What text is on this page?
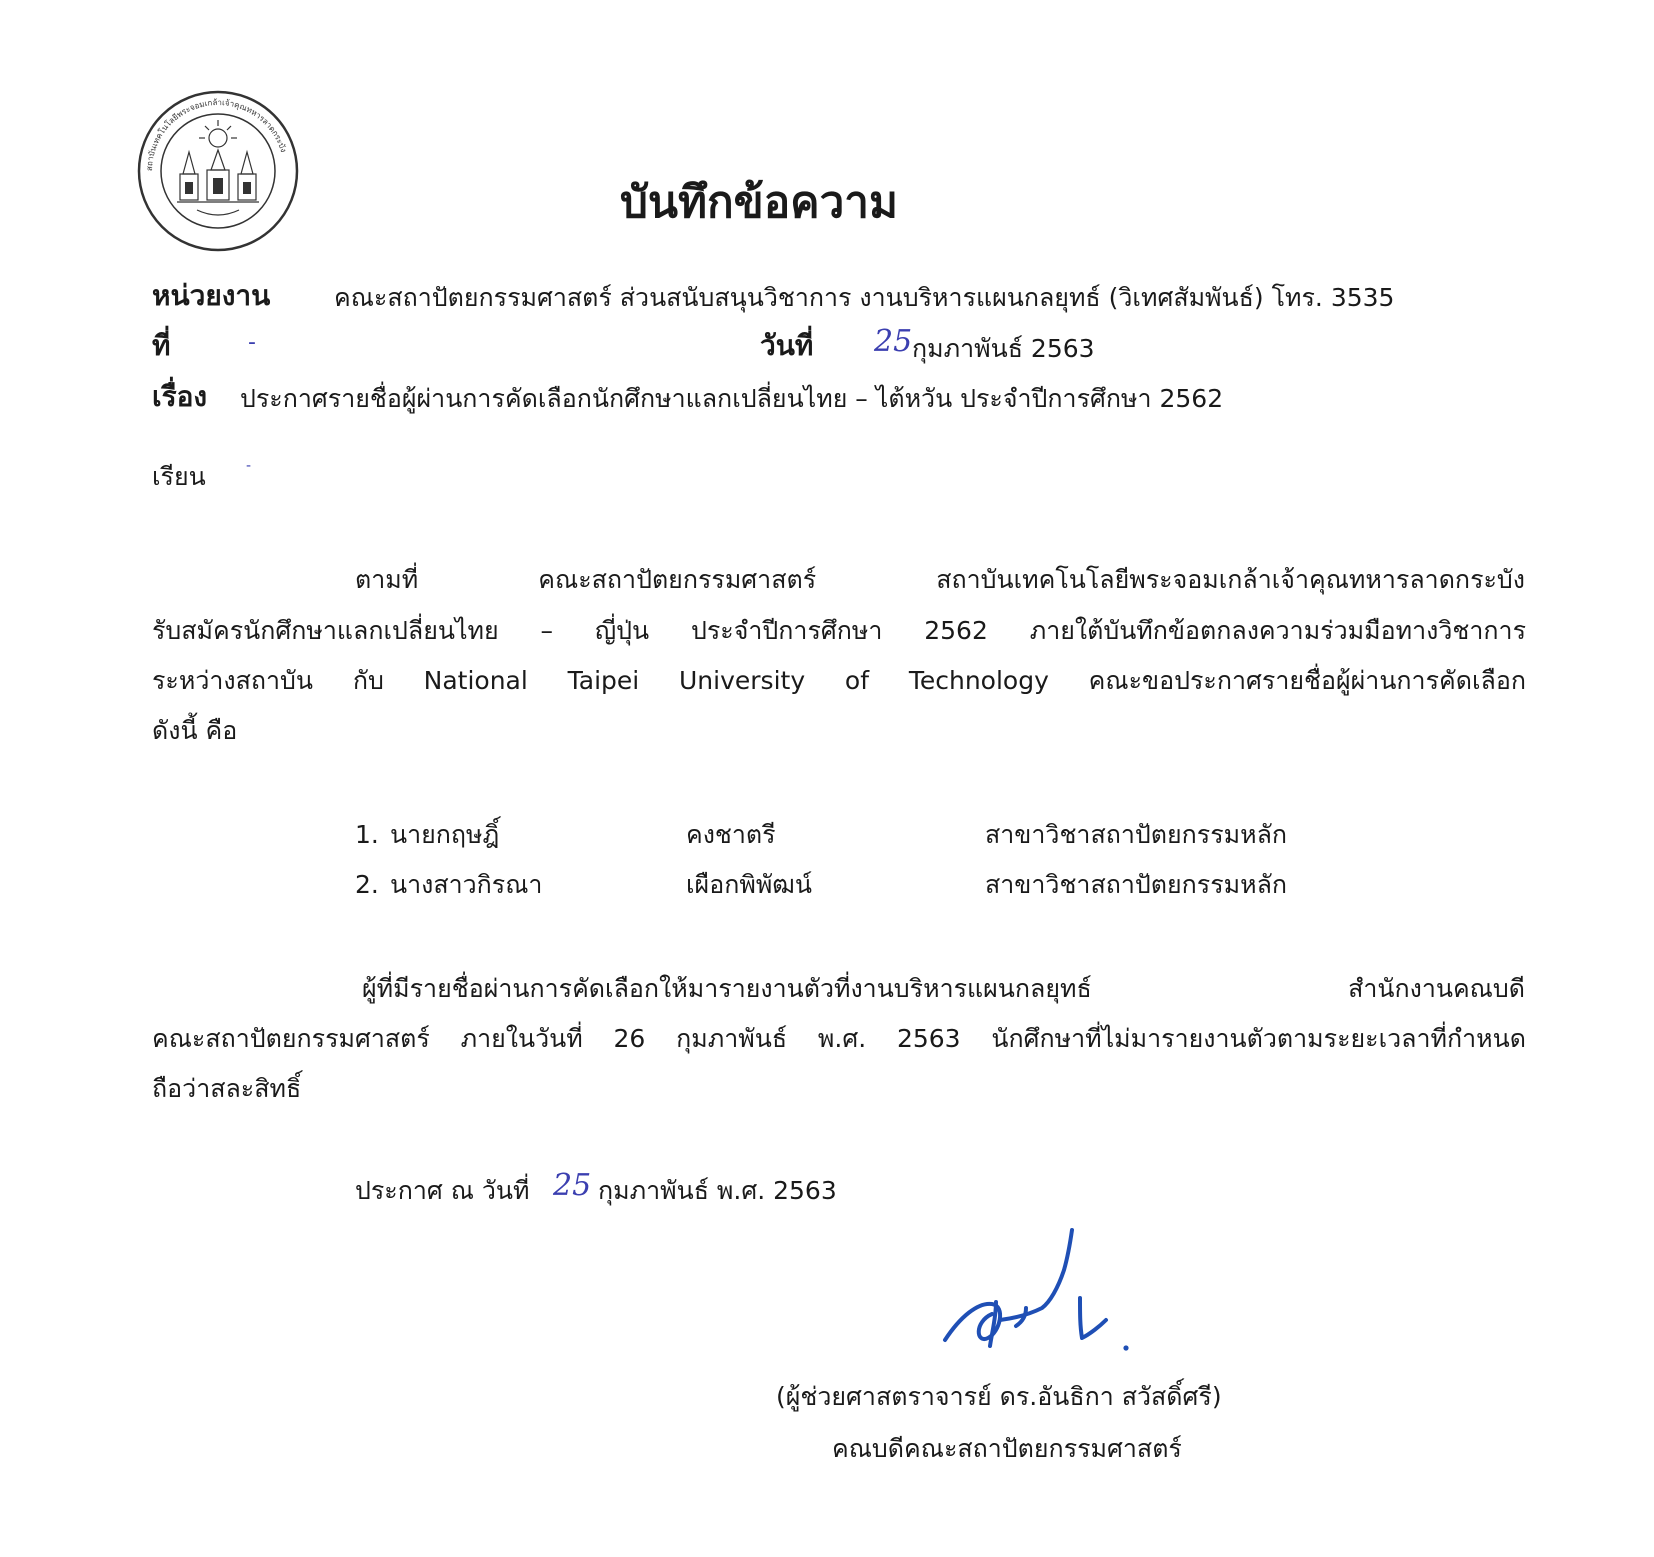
สถาบันเทคโนโลยีพระจอมเกล้าเจ้าคุณทหารลาดกระบัง
บันทึกข้อความ
หน่วยงาน	คณะสถาปัตยกรรมศาสตร์ ส่วนสนับสนุนวิชาการ งานบริหารแผนกลยุทธ์ (วิเทศสัมพันธ์) โทร. 3535
ที่	-	วันที่ 25 กุมภาพันธ์ 2563
เรื่อง ประกาศรายชื่อผู้ผ่านการคัดเลือกนักศึกษาแลกเปลี่ยนไทย – ไต้หวัน ประจำปีการศึกษา 2562
เรียน	-
ตามที่ คณะสถาปัตยกรรมศาสตร์ สถาบันเทคโนโลยีพระจอมเกล้าเจ้าคุณทหารลาดกระบัง
รับสมัครนักศึกษาแลกเปลี่ยนไทย – ญี่ปุ่น ประจำปีการศึกษา 2562 ภายใต้บันทึกข้อตกลงความร่วมมือทางวิชาการ
ระหว่างสถาบัน กับ National Taipei University of Technology คณะขอประกาศรายชื่อผู้ผ่านการคัดเลือก
ดังนี้ คือ
1. นายกฤษฎิ์	คงชาตรี	สาขาวิชาสถาปัตยกรรมหลัก
2. นางสาวกิรณา	เผือกพิพัฒน์	สาขาวิชาสถาปัตยกรรมหลัก
ผู้ที่มีรายชื่อผ่านการคัดเลือกให้มารายงานตัวที่งานบริหารแผนกลยุทธ์ สำนักงานคณบดี
คณะสถาปัตยกรรมศาสตร์ ภายในวันที่ 26 กุมภาพันธ์ พ.ศ. 2563 นักศึกษาที่ไม่มารายงานตัวตามระยะเวลาที่กำหนด
ถือว่าสละสิทธิ์
ประกาศ ณ วันที่ 25 กุมภาพันธ์ พ.ศ. 2563
(ผู้ช่วยศาสตราจารย์ ดร.อันธิกา สวัสดิ์ศรี)
คณบดีคณะสถาปัตยกรรมศาสตร์
